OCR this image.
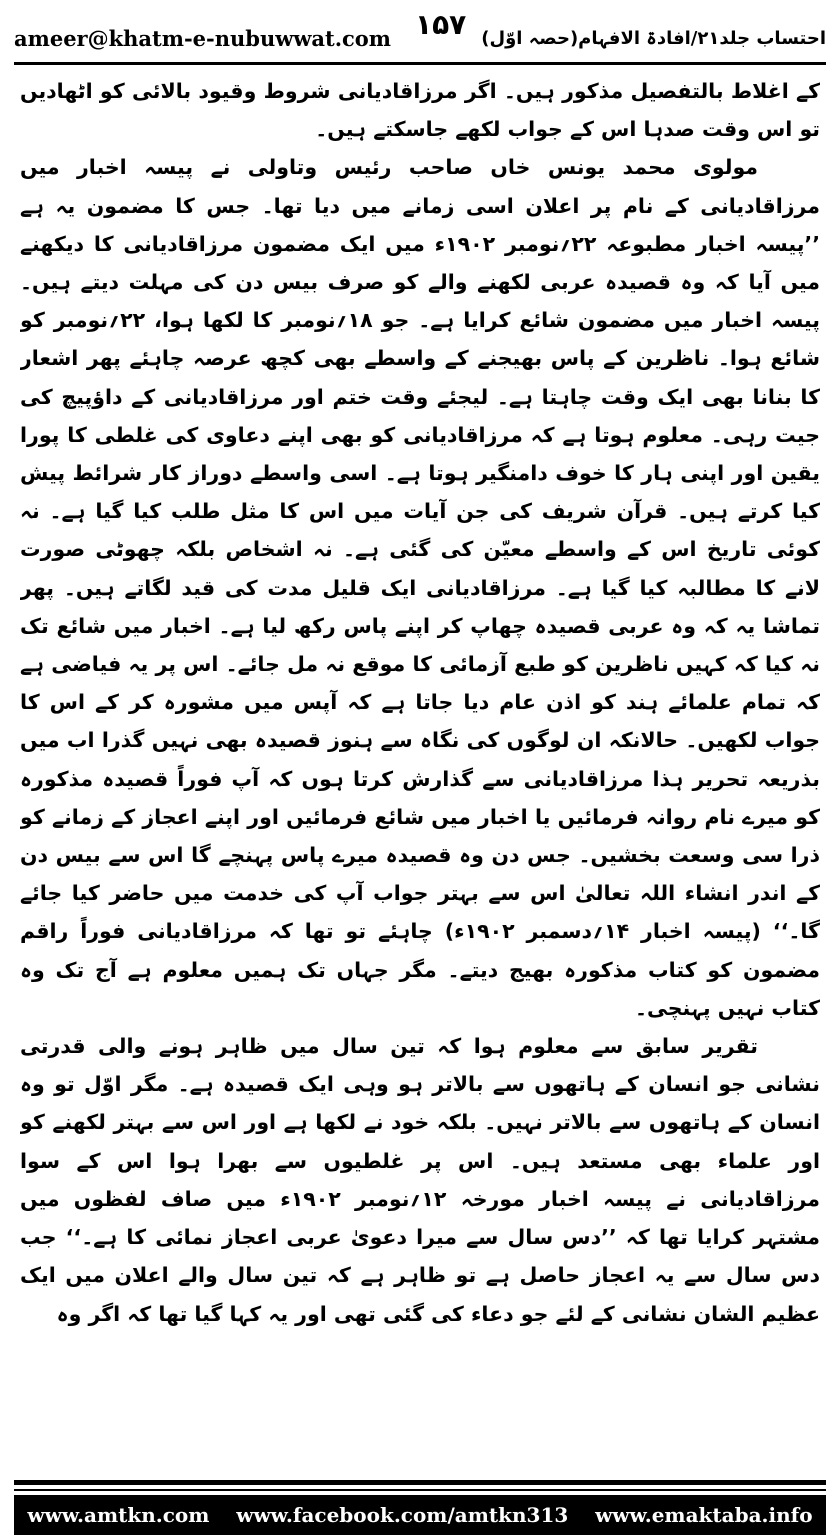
ameer@khatm-e-nubuwwat.com	احتساب جلد۲۱/افادۃ الافہام(حصہ اوّل)
۱۵۷

کے اغلاط بالتفصیل مذکور ہیں۔ اگر مرزاقادیانی شروط وقیود بالائی کو اٹھادیں تو اس وقت صدہا اس کے جواب لکھے جاسکتے ہیں۔

مولوی محمد یونس خاں صاحب رئیس وتاولی نے پیسہ اخبار میں مرزاقادیانی کے نام پر اعلان اسی زمانے میں دیا تھا۔ جس کا مضمون یہ ہے ’’پیسہ اخبار مطبوعہ ۲۲؍نومبر ۱۹۰۲ء میں ایک مضمون مرزاقادیانی کا دیکھنے میں آیا کہ وہ قصیدہ عربی لکھنے والے کو صرف بیس دن کی مہلت دیتے ہیں۔ پیسہ اخبار میں مضمون شائع کرایا ہے۔ جو ۱۸؍نومبر کا لکھا ہوا، ۲۲؍نومبر کو شائع ہوا۔ ناظرین کے پاس بھیجنے کے واسطے بھی کچھ عرصہ چاہئے پھر اشعار کا بنانا بھی ایک وقت چاہتا ہے۔ لیجئے وقت ختم اور مرزاقادیانی کے داؤپیچ کی جیت رہی۔ معلوم ہوتا ہے کہ مرزاقادیانی کو بھی اپنے دعاوی کی غلطی کا پورا یقین اور اپنی ہار کا خوف دامنگیر ہوتا ہے۔ اسی واسطے دوراز کار شرائط پیش کیا کرتے ہیں۔ قرآن شریف کی جن آیات میں اس کا مثل طلب کیا گیا ہے۔ نہ کوئی تاریخ اس کے واسطے معیّن کی گئی ہے۔ نہ اشخاص بلکہ چھوٹی صورت لانے کا مطالبہ کیا گیا ہے۔ مرزاقادیانی ایک قلیل مدت کی قید لگاتے ہیں۔ پھر تماشا یہ کہ وہ عربی قصیدہ چھاپ کر اپنے پاس رکھ لیا ہے۔ اخبار میں شائع تک نہ کیا کہ کہیں ناظرین کو طبع آزمائی کا موقع نہ مل جائے۔ اس پر یہ فیاضی ہے کہ تمام علمائے ہند کو اذن عام دیا جاتا ہے کہ آپس میں مشورہ کر کے اس کا جواب لکھیں۔ حالانکہ ان لوگوں کی نگاہ سے ہنوز قصیدہ بھی نہیں گذرا اب میں بذریعہ تحریر ہذا مرزاقادیانی سے گذارش کرتا ہوں کہ آپ فوراً قصیدہ مذکورہ کو میرے نام روانہ فرمائیں یا اخبار میں شائع فرمائیں اور اپنے اعجاز کے زمانے کو ذرا سی وسعت بخشیں۔ جس دن وہ قصیدہ میرے پاس پہنچے گا اس سے بیس دن کے اندر انشاء اللہ تعالیٰ اس سے بہتر جواب آپ کی خدمت میں حاضر کیا جائے گا۔‘‘ (پیسہ اخبار ۱۴؍دسمبر ۱۹۰۲ء) چاہئے تو تھا کہ مرزاقادیانی فوراً راقم مضمون کو کتاب مذکورہ بھیج دیتے۔ مگر جہاں تک ہمیں معلوم ہے آج تک وہ کتاب نہیں پہنچی۔

تقریر سابق سے معلوم ہوا کہ تین سال میں ظاہر ہونے والی قدرتی نشانی جو انسان کے ہاتھوں سے بالاتر ہو وہی ایک قصیدہ ہے۔ مگر اوّل تو وہ انسان کے ہاتھوں سے بالاتر نہیں۔ بلکہ خود نے لکھا ہے اور اس سے بہتر لکھنے کو اور علماء بھی مستعد ہیں۔ اس پر غلطیوں سے بھرا ہوا اس کے سوا مرزاقادیانی نے پیسہ اخبار مورخہ ۱۲؍نومبر ۱۹۰۲ء میں صاف لفظوں میں مشتہر کرایا تھا کہ ’’دس سال سے میرا دعویٰ عربی اعجاز نمائی کا ہے۔‘‘ جب دس سال سے یہ اعجاز حاصل ہے تو ظاہر ہے کہ تین سال والے اعلان میں ایک عظیم الشان نشانی کے لئے جو دعاء کی گئی تھی اور یہ کہا گیا تھا کہ اگر وہ

www.amtkn.com www.facebook.com/amtkn313 www.emaktaba.info
